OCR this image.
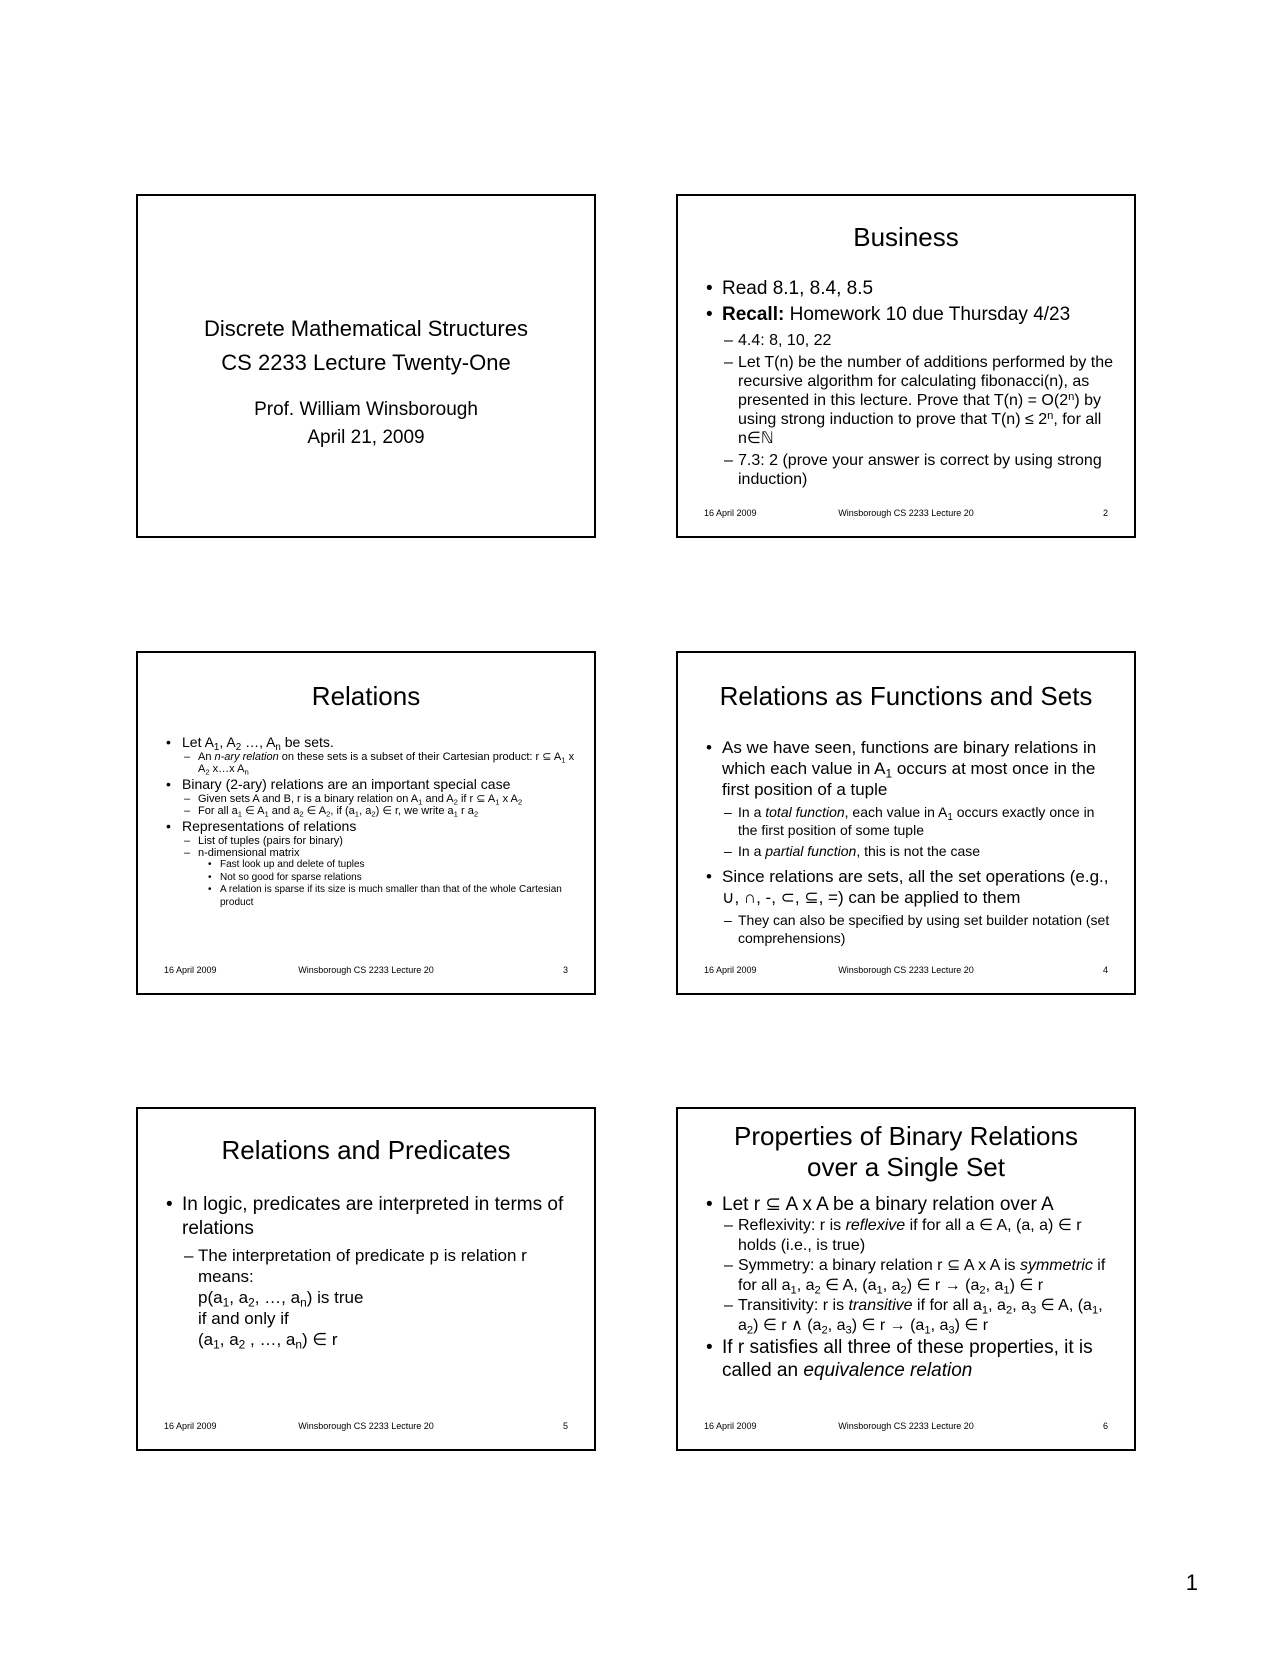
Discrete Mathematical Structures
CS 2233 Lecture Twenty-One
Prof. William Winsborough
April 21, 2009
Business
• Read 8.1, 8.4, 8.5
• Recall: Homework 10 due Thursday 4/23
– 4.4: 8, 10, 22
– Let T(n) be the number of additions performed by the recursive algorithm for calculating fibonacci(n), as presented in this lecture. Prove that $T(n) = O(2^n)$ by using strong induction to prove that $T(n) \le 2^n$, for all n∈ℕ
– 7.3: 2 (prove your answer is correct by using strong induction)
16 April 2009	Winsborough CS 2233 Lecture 20	2
Relations
• Let $A_1$, $A_2$ …, $A_n$ be sets.
– An n-ary relation on these sets is a subset of their Cartesian product: r ⊆ $A_1$ x $A_2$ x…x $A_n$
• Binary (2-ary) relations are an important special case
– Given sets A and B, r is a binary relation on $A_1$ and $A_2$ if r ⊆ $A_1$ x $A_2$
– For all $a_1$ ∈ $A_1$ and $a_2$ ∈ $A_2$, if ($a_1$, $a_2$) ∈ r, we write $a_1$ r $a_2$
• Representations of relations
– List of tuples (pairs for binary)
– n-dimensional matrix
• Fast look up and delete of tuples
• Not so good for sparse relations
• A relation is sparse if its size is much smaller than that of the whole Cartesian product
16 April 2009	Winsborough CS 2233 Lecture 20	3
Relations as Functions and Sets
• As we have seen, functions are binary relations in which each value in $A_1$ occurs at most once in the first position of a tuple
– In a total function, each value in $A_1$ occurs exactly once in the first position of some tuple
– In a partial function, this is not the case
• Since relations are sets, all the set operations (e.g., ∪, ∩, -, ⊂, ⊆, =) can be applied to them
– They can also be specified by using set builder notation (set comprehensions)
16 April 2009	Winsborough CS 2233 Lecture 20	4
Relations and Predicates
• In logic, predicates are interpreted in terms of relations
– The interpretation of predicate p is relation r means:
$p(a_1$, $a_2$, …, $a_n$) is true
if and only if
($a_1$, $a_2$ , …, $a_n$) ∈ r
16 April 2009	Winsborough CS 2233 Lecture 20	5
Properties of Binary Relations over a Single Set
• Let r ⊆ A x A be a binary relation over A
– Reflexivity: r is reflexive if for all a ∈ A, (a, a) ∈ r holds (i.e., is true)
– Symmetry: a binary relation r ⊆ A x A is symmetric if for all $a_1$, $a_2$ ∈ A, ($a_1$, $a_2$) ∈ $r \to (a_2$, $a_1$) ∈ r
– Transitivity: r is transitive if for all $a_1$, $a_2$, $a_3$ ∈ A, ($a_1$, $a_2$) ∈ r ∧ ($a_2$, $a_3$) ∈ $r \to (a_1$, $a_3$) ∈ r
• If r satisfies all three of these properties, it is called an equivalence relation
16 April 2009	Winsborough CS 2233 Lecture 20	6
1
